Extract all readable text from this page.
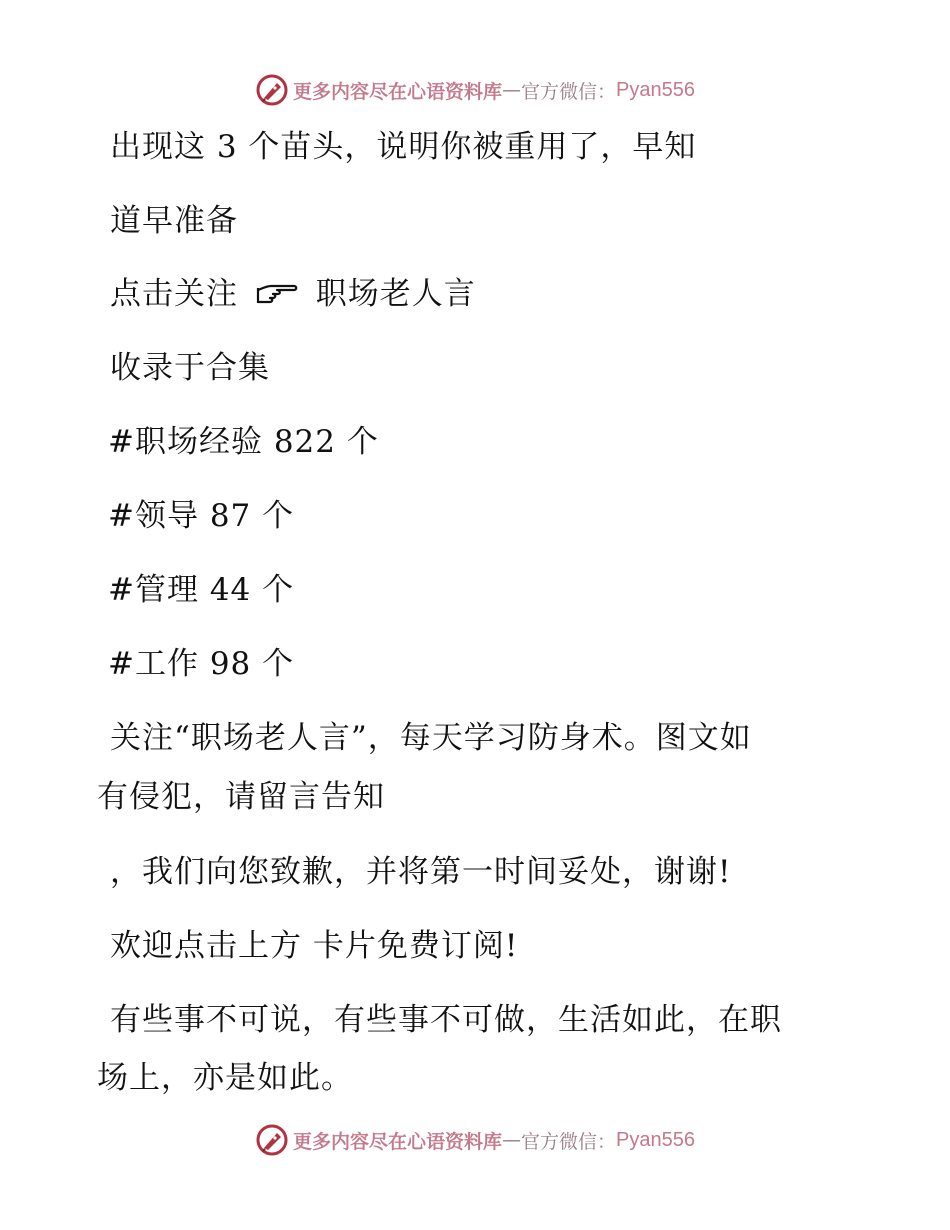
更多内容尽在心语资料库 — 官方微信： Pyan556
出现这 3 个苗头，说明你被重用了，早知
道早准备
点击关注	职场老人言
收录于合集
#职场经验 822 个
#领导 87 个
#管理 44 个
#工作 98 个
关注“职场老人言”，每天学习防身术。图文如
有侵犯，请留言告知
，我们向您致歉，并将第一时间妥处，谢谢!
欢迎点击上方 卡片免费订阅!
有些事不可说，有些事不可做，生活如此，在职
场上，亦是如此。
更多内容尽在心语资料库 — 官方微信： Pyan556
